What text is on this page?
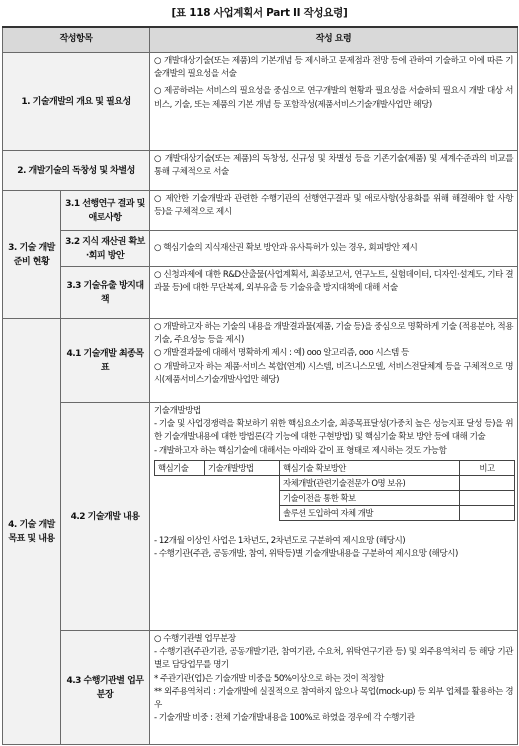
[표 118 사업계획서 Part II 작성요령]
작성항목	작성 요령
1. 기술개발의 개요 및 필요성	

○ 개발대상기술(또는 제품)의 기본개념 등 제시하고 문제점과 전망 등에 관하여 기술하고 이에 따른 기술개발의 필요성을 서술

○ 제공하려는 서비스의 필요성을 중심으로 연구개발의 현황과 필요성을 서술하되 필요시 개발 대상 서비스, 기술, 또는 제품의 기본 개념 등 포함작성(제품서비스기술개발사업만 해당)

2. 개발기술의 독창성 및 차별성	

○ 개발대상기술(또는 제품)의 독창성, 신규성 및 차별성 등을 기존기술(제품) 및 세계수준과의 비교를 통해 구체적으로 서술

3. 기술 개발 준비 현황	3.1 선행연구 결과 및 애로사항	

○ 제안한 기술개발과 관련한 수행기관의 선행연구결과 및 애로사항(상용화를 위해 해결해야 할 사항 등)을 구체적으로 제시

3.2 지식 재산권 확보·회피 방안	

○ 핵심기술의 지식재산권 확보 방안과 유사특허가 있는 경우, 회피방안 제시

3.3 기술유출 방지대책	

○ 신청과제에 대한 R&D산출물(사업계획서, 최종보고서, 연구노트, 실험데이터, 디자인·설계도, 기타 결과물 등)에 대한 무단복제, 외부유출 등 기술유출 방지대책에 대해 서술

4. 기술 개발 목표 및 내용	4.1 기술개발 최종목표	

○ 개발하고자 하는 기술의 내용을 개발결과물(제품, 기술 등)을 중심으로 명확하게 기술 (적용분야, 적용기술, 주요성능 등을 제시)

○ 개발결과물에 대해서 명확하게 제시 : 예) ooo 알고리즘, ooo 시스템 등

○ 개발하고자 하는 제품·서비스 복합(연계) 시스템, 비즈니스모델, 서비스전달체계 등을 구체적으로 명시(제품서비스기술개발사업만 해당)

4.2 기술개발 내용	

기술개발방법

- 기술 및 사업경쟁력을 확보하기 위한 핵심요소기술, 최종목표달성(가중치 높은 성능지표 달성 등)을 위한 기술개발내용에 대한 방법론(각 기능에 대한 구현방법) 및 핵심기술 확보 방안 등에 대해 기술

- 개발하고자 하는 핵심기술에 대해서는 아래와 같이 표 형태로 제시하는 것도 가능함

핵심기술	기술개발방법	핵심기술 확보방안	비고
		자체개발(관련기술전문가 O명 보유)	
		기술이전을 통한 확보	
		솔루션 도입하여 자체 개발	

- 12개월 이상인 사업은 1차년도, 2차년도로 구분하여 제시요망 (해당시)

- 수행기관(주관, 공동개발, 참여, 위탁등)별 기술개발내용을 구분하여 제시요망 (해당시)

4.3 수행기관별 업무분장	

○ 수행기관별 업무분장

- 수행기관(주관기관, 공동개발기관, 참여기관, 수요처, 위탁연구기관 등) 및 외주용역처리 등 해당 기관별로 담당업무를 명기

* 주관기관(업)은 기술개발 비중을 50%이상으로 하는 것이 적정함

** 외주용역처리 : 기술개발에 실질적으로 참여하지 않으나 목업(mock-up) 등 외부 업체를 활용하는 경우

- 기술개발 비중 : 전체 기술개발내용을 100%로 하였을 경우에 각 수행기관
